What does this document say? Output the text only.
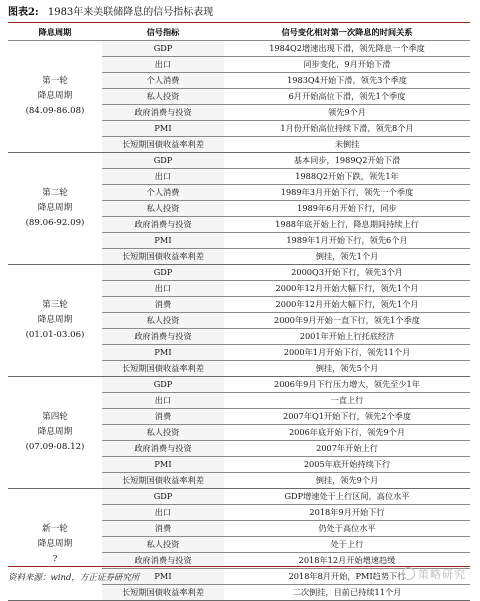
图表2: 1983年来美联储降息的信号指标表现
降息周期	信号指标	信号变化相对第一次降息的时间关系

第一轮
降息周期
(84.09-86.08)	GDP	1984Q2增速出现下滑，领先降息一个季度
	出口	同步变化，9月开始下滑
	个人消费	1983Q4开始下滑，领先3个季度
	私人投资	6月开始高位下滑，领先1个季度
	政府消费与投资	领先9个月
	PMI	1月份开始高位持续下滑，领先8个月
	长短期国债收益率利差	未倒挂

第二轮
降息周期
(89.06-92.09)	GDP	基本同步，1989Q2开始下滑
	出口	1988Q2开始下跌，领先1年
	个人消费	1989年3月开始下行，领先一个季度
	私人投资	1989年6月开始下行，同步
	政府消费与投资	1988年底开始上行，降息期间持续上行
	PMI	1989年1月开始下行，领先6个月
	长短期国债收益率利差	倒挂，领先1个月

第三轮
降息周期
(01.01-03.06)	GDP	2000Q3开始下行，领先3个月
	出口	2000年12月开始大幅下行，领先1个月
	消费	2000年12月开始大幅下行，领先1个月
	私人投资	2000年9月开始一直下行，领先1个季度
	政府消费与投资	2001年开始上行托底经济
	PMI	2000年1月开始下行，领先11个月
	长短期国债收益率利差	倒挂，领先5个月

第四轮
降息周期
(07.09-08.12)	GDP	2006年9月下行压力增大，领先至少1年
	出口	一直上行
	消费	2007年Q1开始下行，领先2个季度
	私人投资	2006年底开始下行，领先9个月
	政府消费与投资	2007年开始上行
	PMI	2005年底开始持续下行
	长短期国债收益率利差	倒挂，领先9个月

新一轮
降息周期
?	GDP	GDP增速处于上行区间，高位水平
	出口	2018年9月开始下行
	消费	仍处于高位水平
	私人投资	处于上行
	政府消费与投资	2018年12月开始增速趋缓
	PMI	2018年8月开始，PMI趋势下行
	长短期国债收益率利差	二次倒挂，目前已持续11个月
资料来源：wind，方正证券研究所	策略研究
